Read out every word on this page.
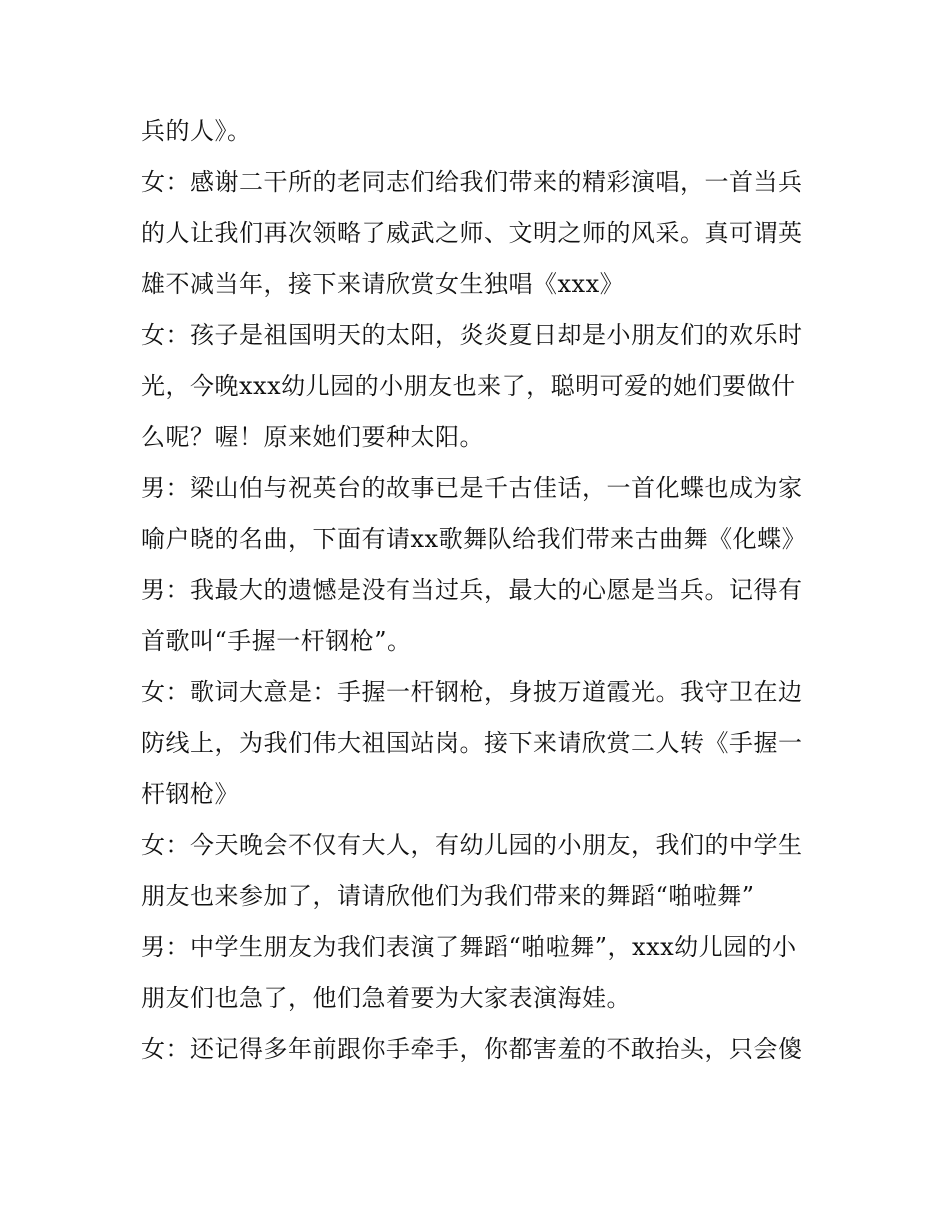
兵的人》。

女：感谢二干所的老同志们给我们带来的精彩演唱，一首当兵的人让我们再次领略了威武之师、文明之师的风采。真可谓英雄不减当年，接下来请欣赏女生独唱《xxx》

女：孩子是祖国明天的太阳，炎炎夏日却是小朋友们的欢乐时光，今晚xxx幼儿园的小朋友也来了，聪明可爱的她们要做什么呢？喔！原来她们要种太阳。

男：梁山伯与祝英台的故事已是千古佳话，一首化蝶也成为家喻户晓的名曲，下面有请xx歌舞队给我们带来古曲舞《化蝶》

男：我最大的遗憾是没有当过兵，最大的心愿是当兵。记得有首歌叫“手握一杆钢枪”。

女：歌词大意是：手握一杆钢枪，身披万道霞光。我守卫在边防线上，为我们伟大祖国站岗。接下来请欣赏二人转《手握一杆钢枪》

女：今天晚会不仅有大人，有幼儿园的小朋友，我们的中学生朋友也来参加了，请请欣他们为我们带来的舞蹈“啪啦舞”

男：中学生朋友为我们表演了舞蹈“啪啦舞”，xxx幼儿园的小朋友们也急了，他们急着要为大家表演海娃。

女：还记得多年前跟你手牵手，你都害羞的不敢抬头，只会傻
